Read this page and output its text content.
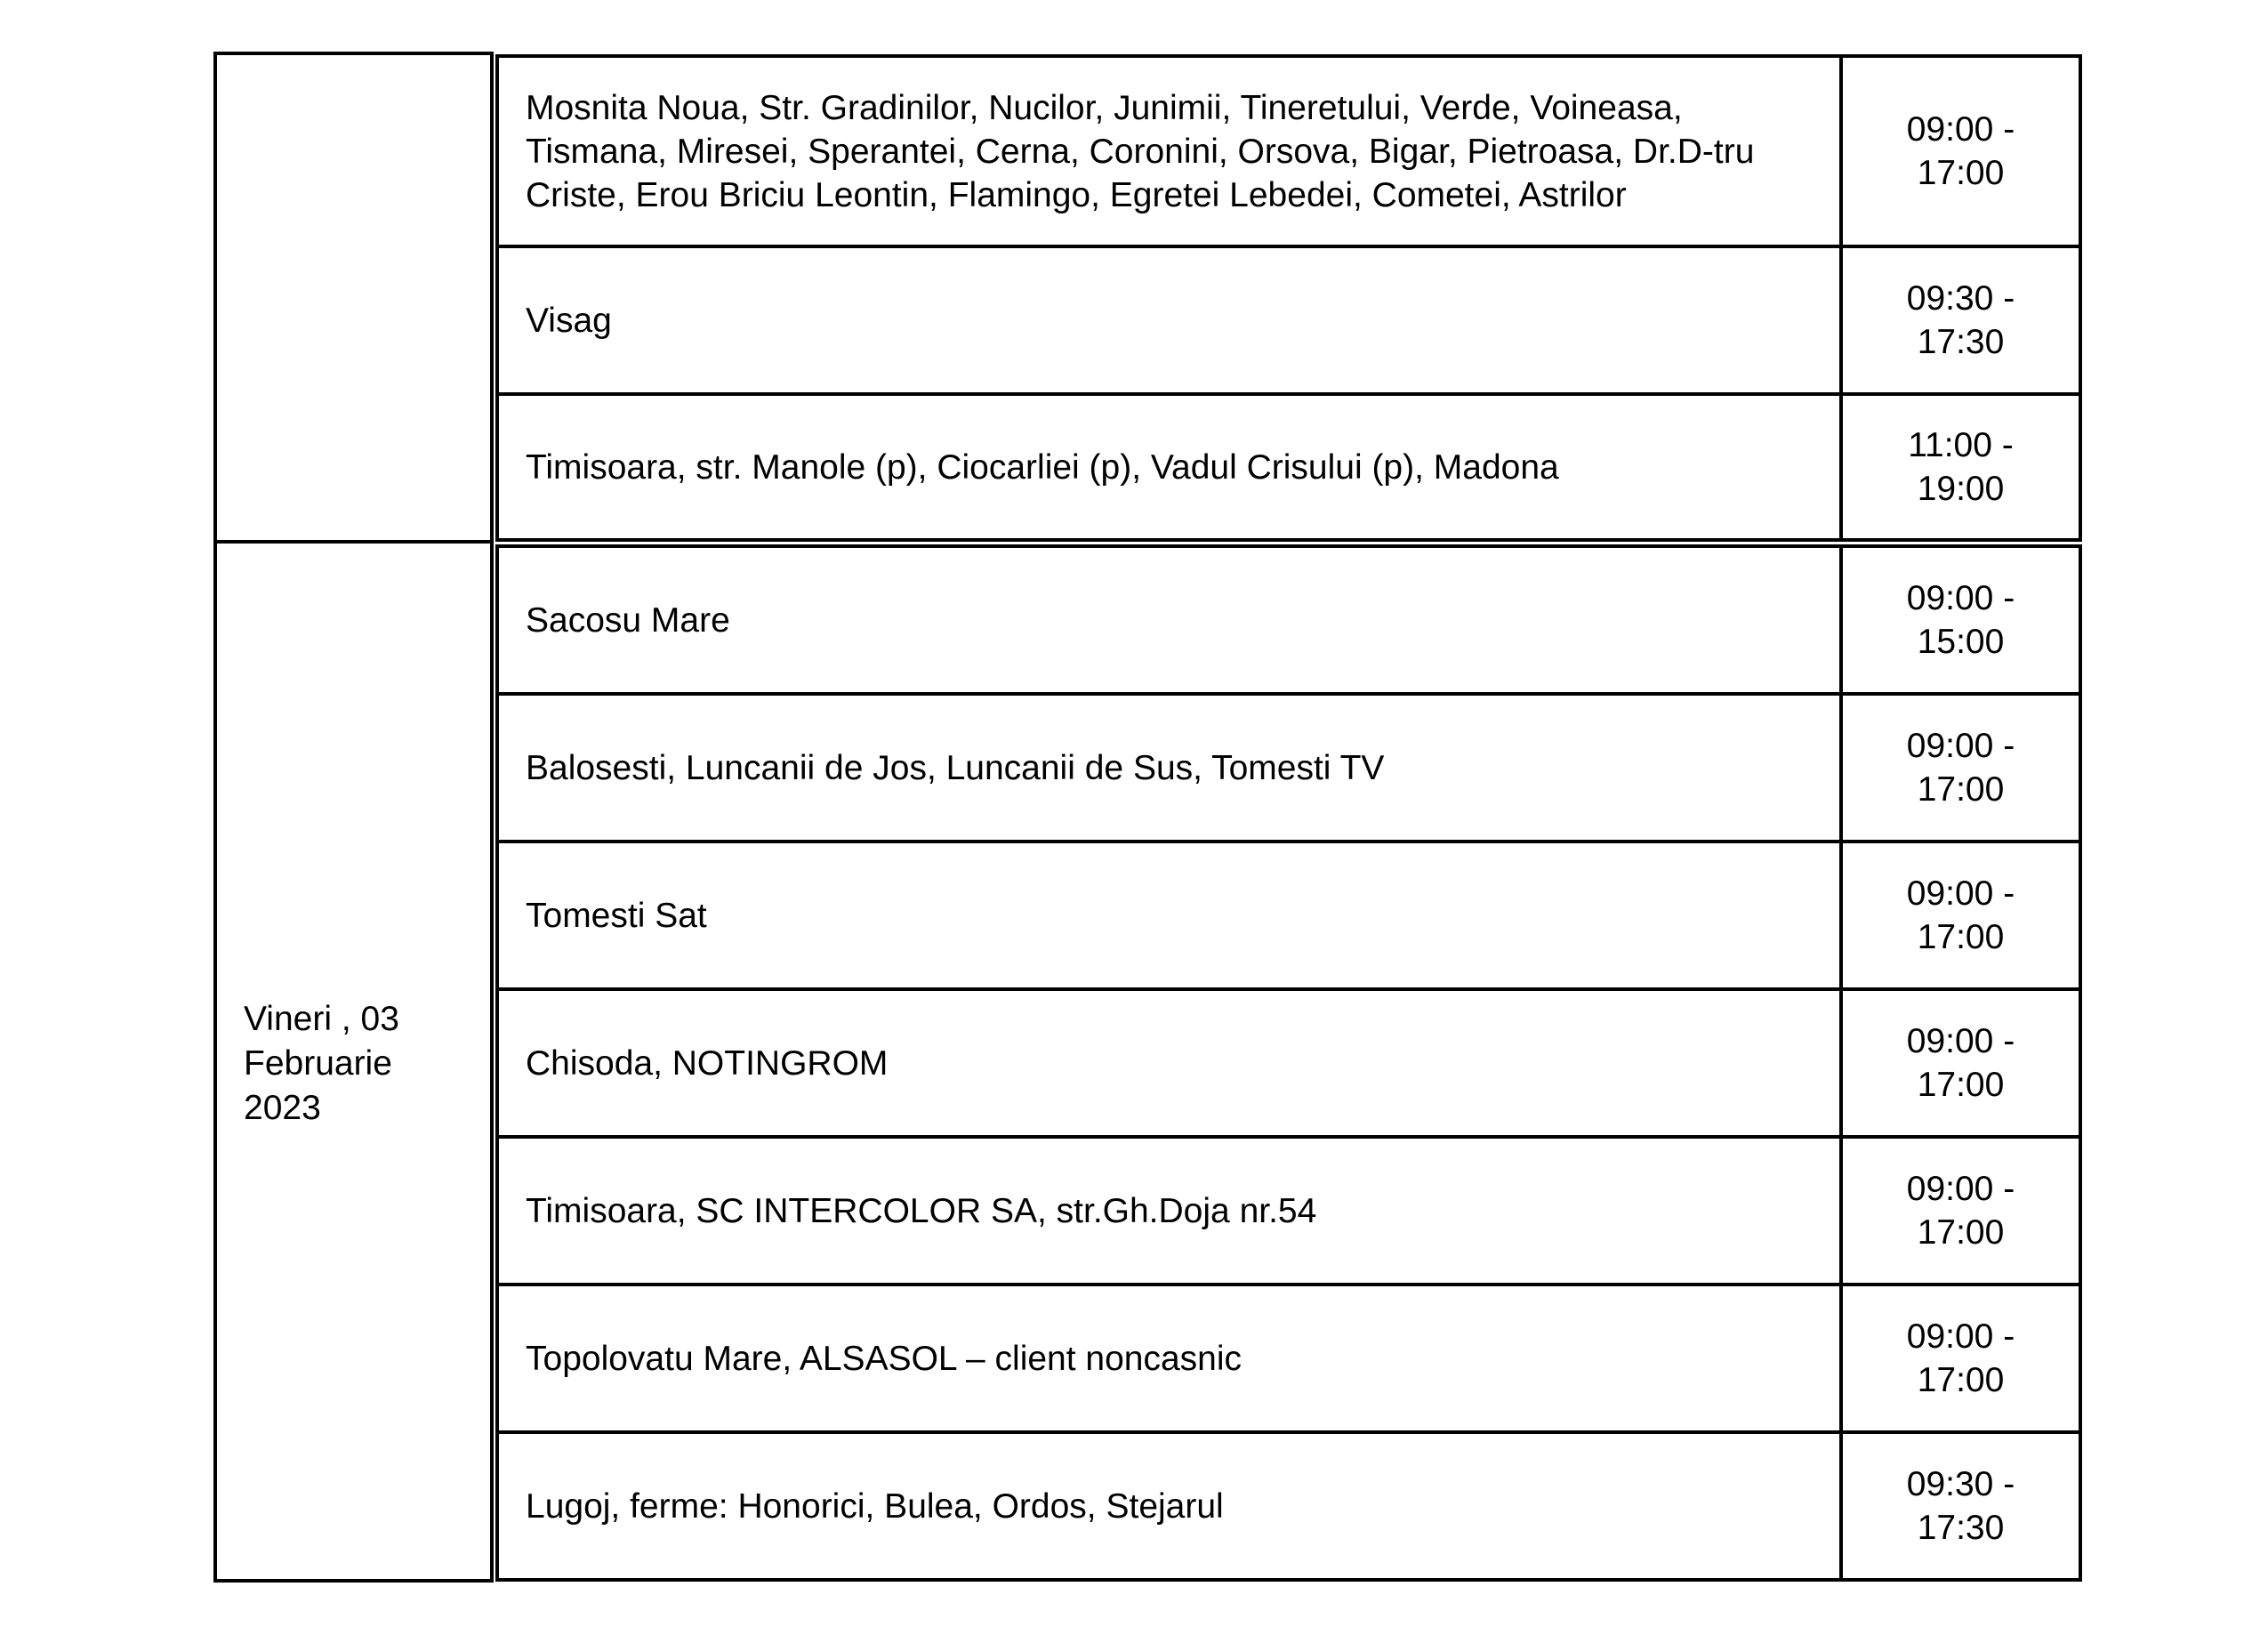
Vineri , 03 Februarie 2023
Mosnita Noua, Str. Gradinilor, Nucilor, Junimii, Tineretului, Verde, Voineasa, Tismana, Miresei, Sperantei, Cerna, Coronini, Orsova, Bigar, Pietroasa, Dr.D-tru Criste, Erou Briciu Leontin, Flamingo, Egretei Lebedei, Cometei, Astrilor
09:00 - 17:00
Visag
09:30 - 17:30
Timisoara, str. Manole (p), Ciocarliei (p), Vadul Crisului (p), Madona
11:00 - 19:00
Sacosu Mare
09:00 - 15:00
Balosesti, Luncanii de Jos, Luncanii de Sus, Tomesti TV
09:00 - 17:00
Tomesti Sat
09:00 - 17:00
Chisoda, NOTINGROM
09:00 - 17:00
Timisoara, SC INTERCOLOR SA, str.Gh.Doja nr.54
09:00 - 17:00
Topolovatu Mare, ALSASOL – client noncasnic
09:00 - 17:00
Lugoj, ferme: Honorici, Bulea, Ordos, Stejarul
09:30 - 17:30
